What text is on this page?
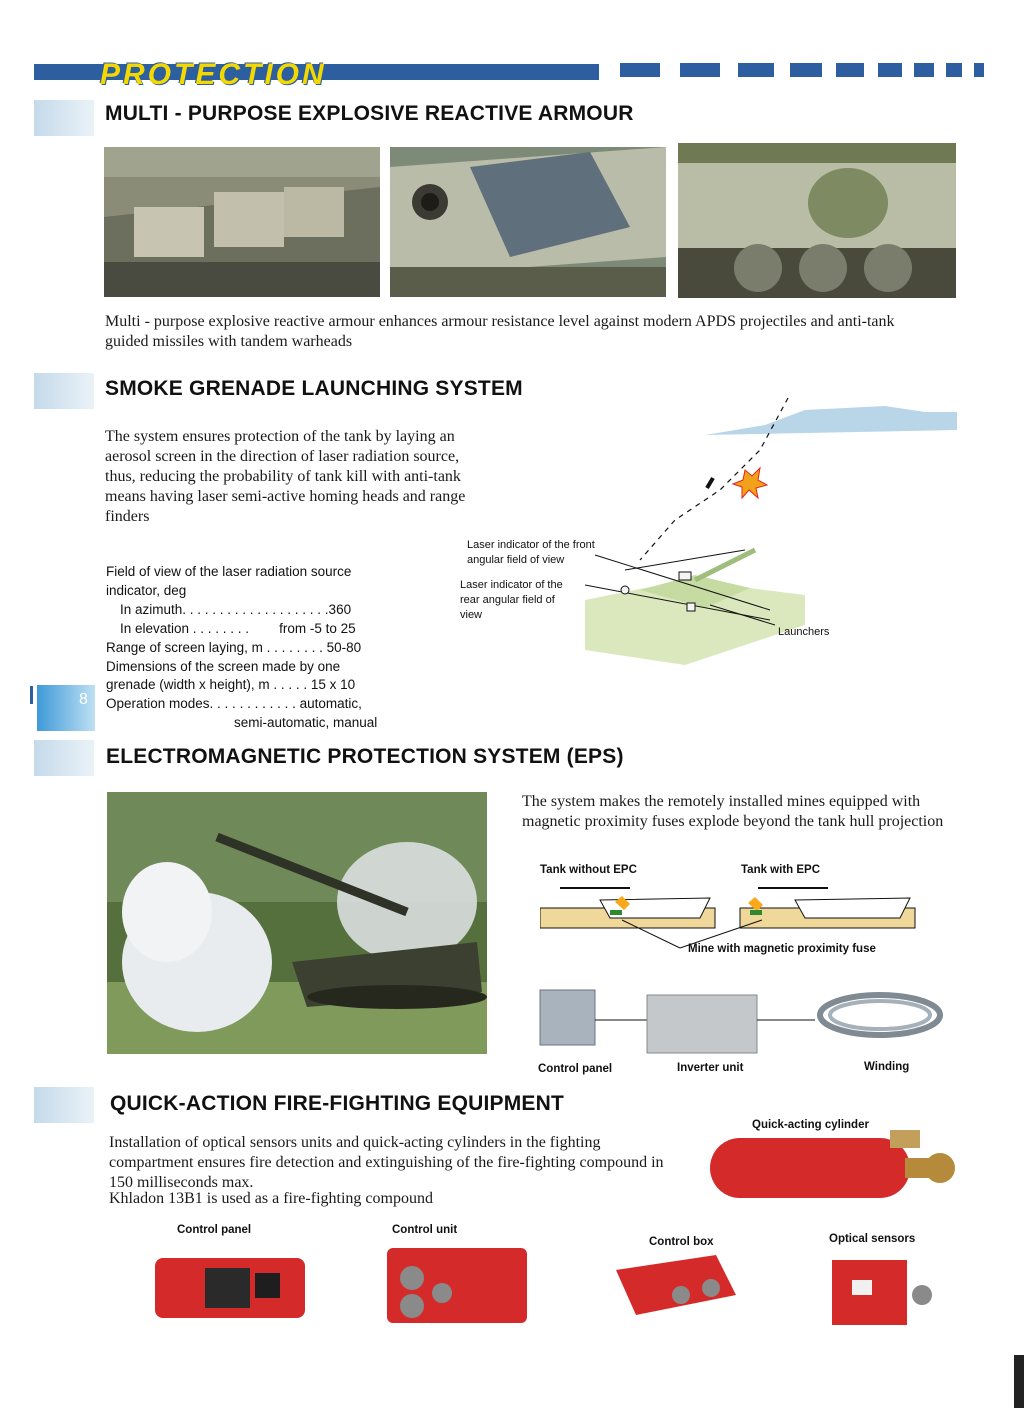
PROTECTION
MULTI - PURPOSE EXPLOSIVE REACTIVE ARMOUR
Multi - purpose explosive reactive armour enhances armour resistance level against modern APDS projectiles and anti-tank guided missiles with tandem warheads
SMOKE GRENADE LAUNCHING SYSTEM
The system ensures protection of the tank by laying an aerosol screen in the direction of laser radiation source, thus, reducing the probability of tank kill with anti-tank means having laser semi-active homing heads and range finders
Field of view of the laser radiation source indicator, deg
In azimuth. . . . . . . . . . . . . . . . . . . .360
In elevation . . . . . . . .        from -5 to 25
Range of screen laying, m . . . . . . . . 50-80
Dimensions of the screen made by one
grenade (width x height), m . . . . . 15 x 10
Operation modes. . . . . . . . . . . . automatic,
semi-automatic, manual
Laser indicator of the front angular field of view
Laser indicator of the rear angular field of view
Launchers
8
ELECTROMAGNETIC PROTECTION SYSTEM (EPS)
The system makes the remotely installed mines equipped with magnetic proximity fuses explode beyond the tank hull projection
Tank without EPC	Tank with EPC
Mine with magnetic proximity fuse
Control panel	Inverter unit	Winding
QUICK-ACTION FIRE-FIGHTING EQUIPMENT
Installation of optical sensors units and quick-acting cylinders in the fighting compartment ensures fire detection and extinguishing of the fire-fighting compound in 150 milliseconds max.
Khladon 13B1 is used as a fire-fighting compound
Quick-acting cylinder
Control panel	Control unit
Control box	Optical sensors
